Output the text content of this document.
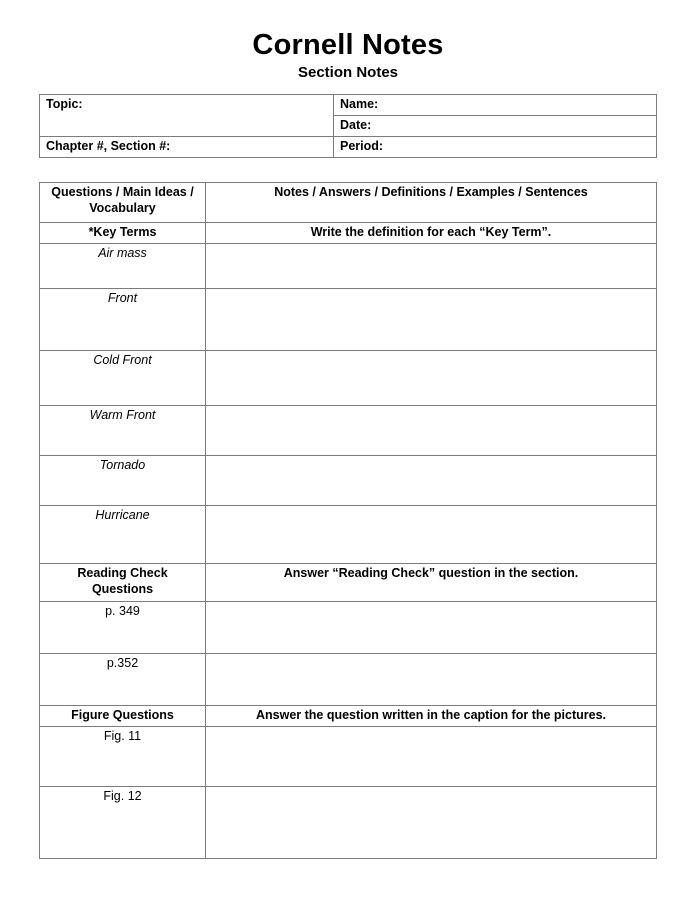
Cornell Notes
Section Notes
Topic:	Name:
	Date:
Chapter #, Section #:	Period:
Questions / Main Ideas / Vocabulary	Notes / Answers / Definitions / Examples / Sentences
*Key Terms	Write the definition for each “Key Term”.
Air mass	
Front	
Cold Front	
Warm Front	
Tornado	
Hurricane	
Reading Check Questions	Answer “Reading Check” question in the section.
p. 349	
p.352	
Figure Questions	Answer the question written in the caption for the pictures.
Fig. 11	
Fig. 12	
